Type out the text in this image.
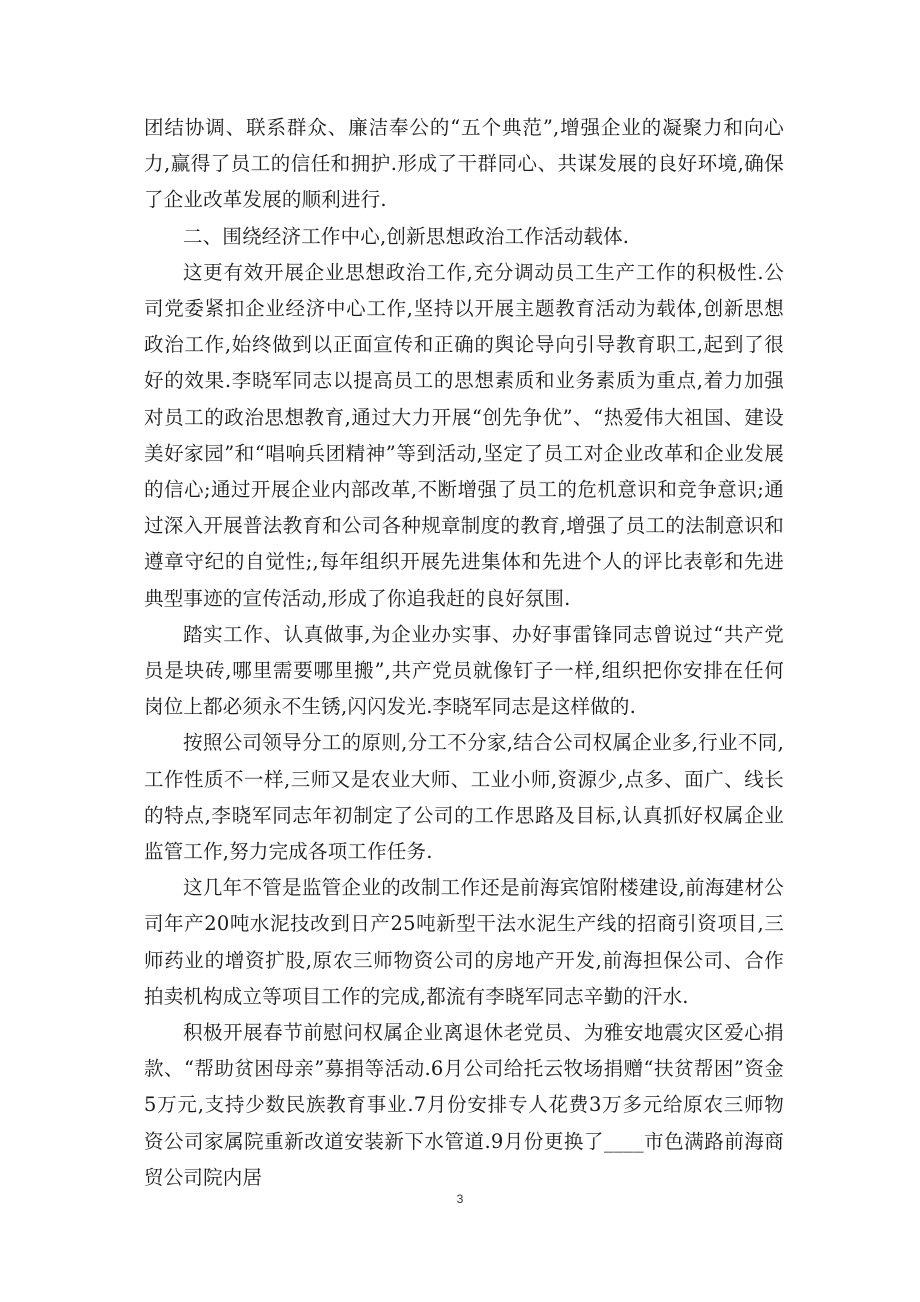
团结协调、联系群众、廉洁奉公的“五个典范”,增强企业的凝聚力和向心力,赢得了员工的信任和拥护.形成了干群同心、共谋发展的良好环境,确保了企业改革发展的顺利进行.

二、围绕经济工作中心,创新思想政治工作活动载体.

这更有效开展企业思想政治工作,充分调动员工生产工作的积极性.公司党委紧扣企业经济中心工作,坚持以开展主题教育活动为载体,创新思想政治工作,始终做到以正面宣传和正确的舆论导向引导教育职工,起到了很好的效果.李晓军同志以提高员工的思想素质和业务素质为重点,着力加强对员工的政治思想教育,通过大力开展“创先争优”、“热爱伟大祖国、建设美好家园”和“唱响兵团精神”等到活动,坚定了员工对企业改革和企业发展的信心;通过开展企业内部改革,不断增强了员工的危机意识和竞争意识;通过深入开展普法教育和公司各种规章制度的教育,增强了员工的法制意识和遵章守纪的自觉性;,每年组织开展先进集体和先进个人的评比表彰和先进典型事迹的宣传活动,形成了你追我赶的良好氛围.

踏实工作、认真做事,为企业办实事、办好事雷锋同志曾说过“共产党员是块砖,哪里需要哪里搬”,共产党员就像钉子一样,组织把你安排在任何岗位上都必须永不生锈,闪闪发光.李晓军同志是这样做的.

按照公司领导分工的原则,分工不分家,结合公司权属企业多,行业不同,工作性质不一样,三师又是农业大师、工业小师,资源少,点多、面广、线长的特点,李晓军同志年初制定了公司的工作思路及目标,认真抓好权属企业监管工作,努力完成各项工作任务.

这几年不管是监管企业的改制工作还是前海宾馆附楼建设,前海建材公司年产20吨水泥技改到日产25吨新型干法水泥生产线的招商引资项目,三师药业的增资扩股,原农三师物资公司的房地产开发,前海担保公司、合作拍卖机构成立等项目工作的完成,都流有李晓军同志辛勤的汗水.

积极开展春节前慰问权属企业离退休老党员、为雅安地震灾区爱心捐款、“帮助贫困母亲”募捐等活动.6月公司给托云牧场捐赠“扶贫帮困”资金5万元,支持少数民族教育事业.7月份安排专人花费3万多元给原农三师物资公司家属院重新改道安装新下水管道.9月份更换了____市色满路前海商贸公司院内居

3
